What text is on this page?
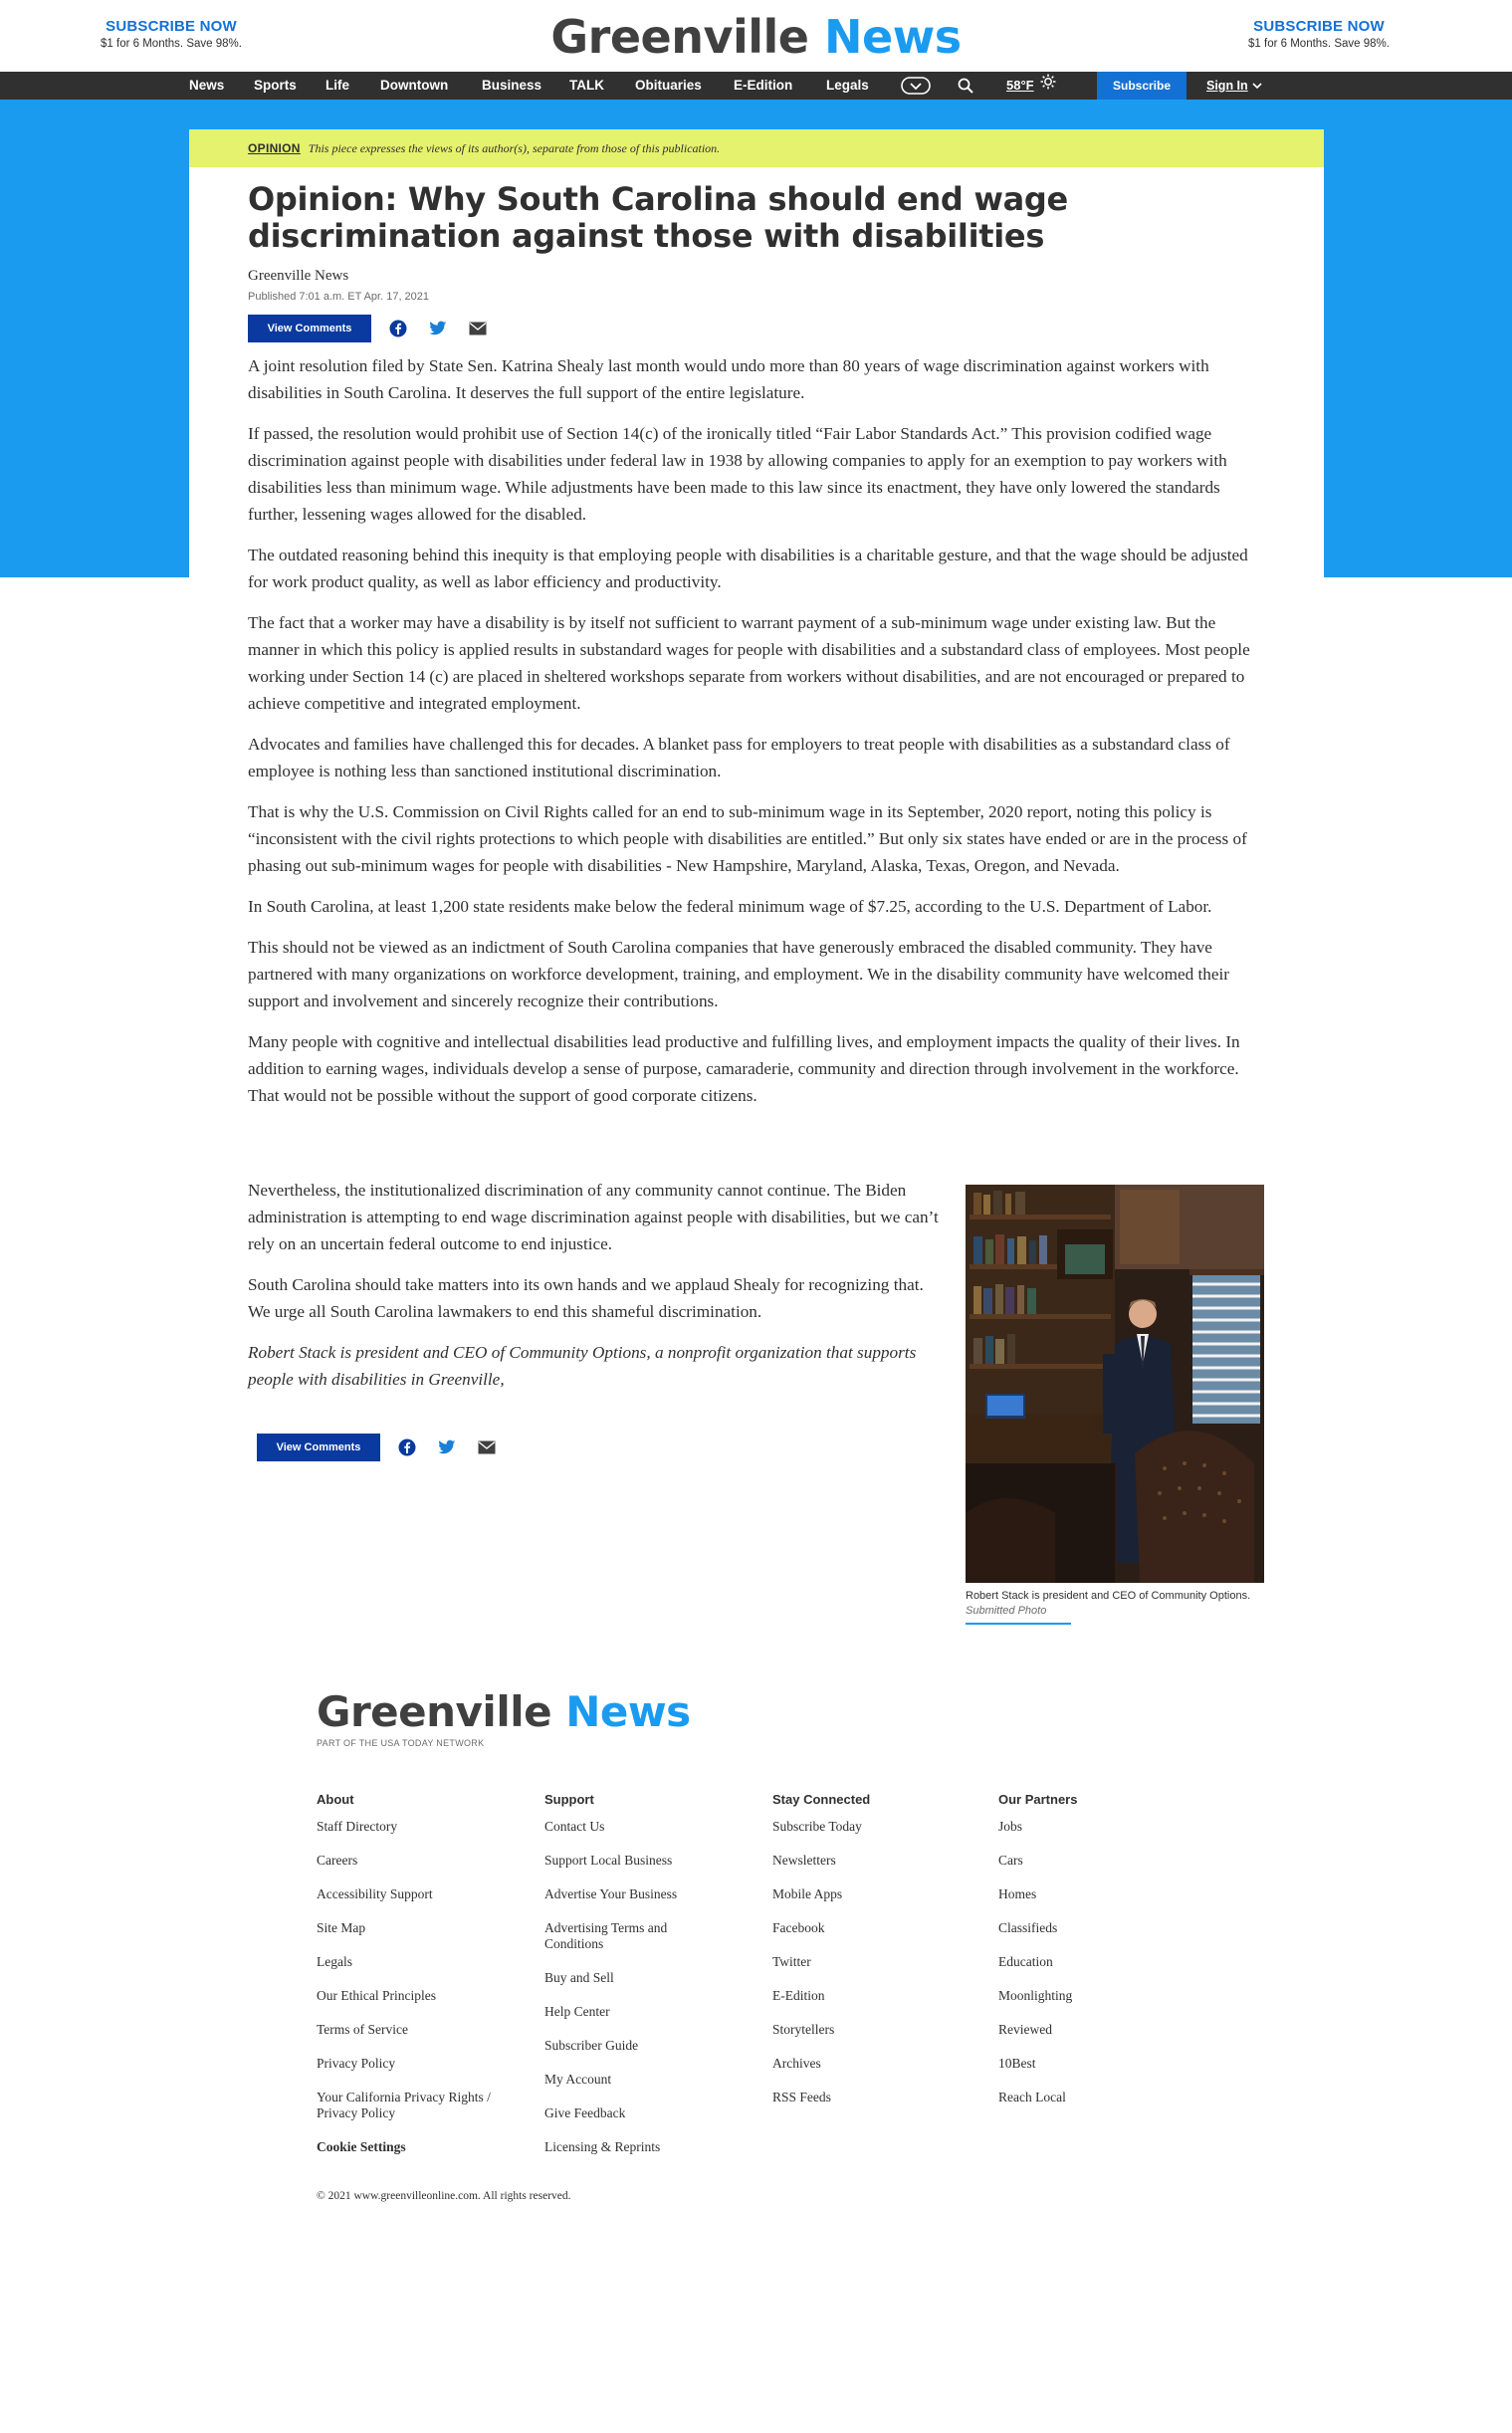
SUBSCRIBE NOW
$1 for 6 Months. Save 98%.	Greenville News	SUBSCRIBE NOW
$1 for 6 Months. Save 98%.
News Sports Life Downtown	Business TALK Obituaries E-Edition	Legals	58°F	Subscribe	Sign In
OPINION This piece expresses the views of its author(s), separate from those of this publication.
Opinion: Why South Carolina should end wage discrimination against those with disabilities
Greenville News
Published 7:01 a.m. ET Apr. 17, 2021
View Comments

A joint resolution filed by State Sen. Katrina Shealy last month would undo more than 80 years of wage discrimination against workers with disabilities in South Carolina. It deserves the full support of the entire legislature.

If passed, the resolution would prohibit use of Section 14(c) of the ironically titled “Fair Labor Standards Act.” This provision codified wage discrimination against people with disabilities under federal law in 1938 by allowing companies to apply for an exemption to pay workers with disabilities less than minimum wage. While adjustments have been made to this law since its enactment, they have only lowered the standards further, lessening wages allowed for the disabled.

The outdated reasoning behind this inequity is that employing people with disabilities is a charitable gesture, and that the wage should be adjusted for work product quality, as well as labor efficiency and productivity.

The fact that a worker may have a disability is by itself not sufficient to warrant payment of a sub-minimum wage under existing law. But the manner in which this policy is applied results in substandard wages for people with disabilities and a substandard class of employees. Most people working under Section 14 (c) are placed in sheltered workshops separate from workers without disabilities, and are not encouraged or prepared to achieve competitive and integrated employment.

Advocates and families have challenged this for decades. A blanket pass for employers to treat people with disabilities as a substandard class of employee is nothing less than sanctioned institutional discrimination.

That is why the U.S. Commission on Civil Rights called for an end to sub-minimum wage in its September, 2020 report, noting this policy is “inconsistent with the civil rights protections to which people with disabilities are entitled.” But only six states have ended or are in the process of phasing out sub-minimum wages for people with disabilities - New Hampshire, Maryland, Alaska, Texas, Oregon, and Nevada.

In South Carolina, at least 1,200 state residents make below the federal minimum wage of $7.25, according to the U.S. Department of Labor.

This should not be viewed as an indictment of South Carolina companies that have generously embraced the disabled community. They have partnered with many organizations on workforce development, training, and employment. We in the disability community have welcomed their support and involvement and sincerely recognize their contributions.

Many people with cognitive and intellectual disabilities lead productive and fulfilling lives, and employment impacts the quality of their lives. In addition to earning wages, individuals develop a sense of purpose, camaraderie, community and direction through involvement in the workforce. That would not be possible without the support of good corporate citizens.

Nevertheless, the institutionalized discrimination of any community cannot continue. The Biden administration is attempting to end wage discrimination against people with disabilities, but we can’t rely on an uncertain federal outcome to end injustice.

South Carolina should take matters into its own hands and we applaud Shealy for recognizing that. We urge all South Carolina lawmakers to end this shameful discrimination.

Robert Stack is president and CEO of Community Options, a nonprofit organization that supports people with disabilities in Greenville,

View Comments
Robert Stack is president and CEO of Community Options.
Submitted Photo
Greenville News
PART OF THE USA TODAY NETWORK
About
Staff Directory
Careers
Accessibility Support
Site Map
Legals
Our Ethical Principles
Terms of Service
Privacy Policy
Your California Privacy Rights / Privacy Policy
Cookie Settings
Support
Contact Us
Support Local Business
Advertise Your Business
Advertising Terms and Conditions
Buy and Sell
Help Center
Subscriber Guide
My Account
Give Feedback
Licensing & Reprints
Stay Connected
Subscribe Today
Newsletters
Mobile Apps
Facebook
Twitter
E-Edition
Storytellers
Archives
RSS Feeds
Our Partners
Jobs
Cars
Homes
Classifieds
Education
Moonlighting
Reviewed
10Best
Reach Local
© 2021 www.greenvilleonline.com. All rights reserved.
